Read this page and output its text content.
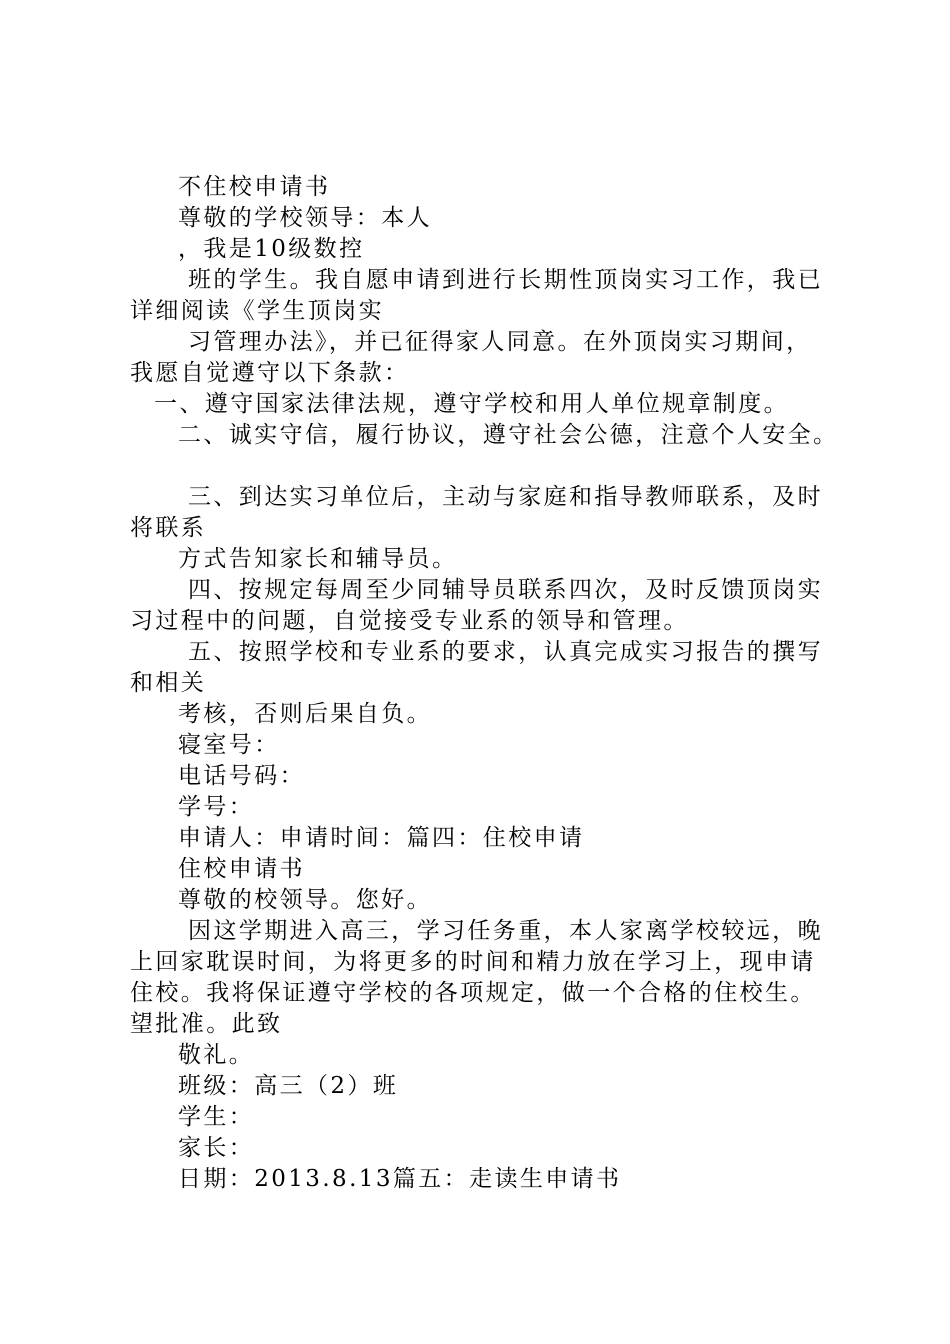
不住校申请书

尊敬的学校领导：本人

，我是10级数控

班的学生。我自愿申请到进行长期性顶岗实习工作，我已

详细阅读《学生顶岗实

习管理办法》，并已征得家人同意。在外顶岗实习期间，

我愿自觉遵守以下条款：

一、遵守国家法律法规，遵守学校和用人单位规章制度。

二、诚实守信，履行协议，遵守社会公德，注意个人安全。

三、到达实习单位后，主动与家庭和指导教师联系，及时

将联系

方式告知家长和辅导员。

四、按规定每周至少同辅导员联系四次，及时反馈顶岗实

习过程中的问题，自觉接受专业系的领导和管理。

五、按照学校和专业系的要求，认真完成实习报告的撰写

和相关

考核，否则后果自负。

寝室号：

电话号码：

学号：

申请人：申请时间：篇四：住校申请

住校申请书

尊敬的校领导。您好。

因这学期进入高三，学习任务重，本人家离学校较远，晚

上回家耽误时间，为将更多的时间和精力放在学习上，现申请

住校。我将保证遵守学校的各项规定，做一个合格的住校生。

望批准。此致

敬礼。

班级：高三（2）班

学生：

家长：

日期：2013.8.13篇五：走读生申请书
